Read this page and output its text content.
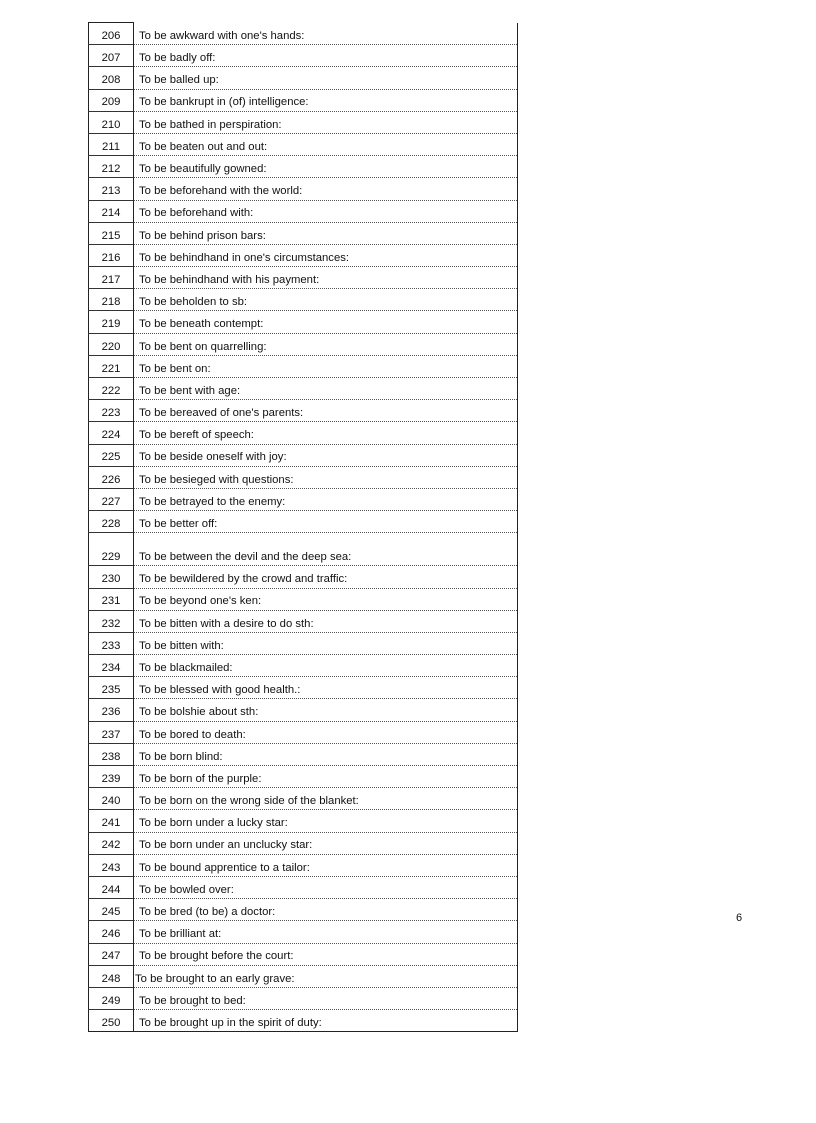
206	To be awkward with one's hands:
207	To be badly off:
208	To be balled up:
209	To be bankrupt in (of) intelligence:
210	To be bathed in perspiration:
211	To be beaten out and out:
212	To be beautifully gowned:
213	To be beforehand with the world:
214	To be beforehand with:
215	To be behind prison bars:
216	To be behindhand in one's circumstances:
217	To be behindhand with his payment:
218	To be beholden to sb:
219	To be beneath contempt:
220	To be bent on quarrelling:
221	To be bent on:
222	To be bent with age:
223	To be bereaved of one's parents:
224	To be bereft of speech:
225	To be beside oneself with joy:
226	To be besieged with questions:
227	To be betrayed to the enemy:
228	To be better off:
229	To be between the devil and the deep sea:
230	To be bewildered by the crowd and traffic:
231	To be beyond one's ken:
232	To be bitten with a desire to do sth:
233	To be bitten with:
234	To be blackmailed:
235	To be blessed with good health.:
236	To be bolshie about sth:
237	To be bored to death:
238	To be born blind:
239	To be born of the purple:
240	To be born on the wrong side of the blanket:
241	To be born under a lucky star:
242	To be born under an unclucky star:
243	To be bound apprentice to a tailor:
244	To be bowled over:
245	To be bred (to be) a doctor:
246	To be brilliant at:
247	To be brought before the court:
248	To be brought to an early grave:
249	To be brought to bed:
250	To be brought up in the spirit of duty:
6
